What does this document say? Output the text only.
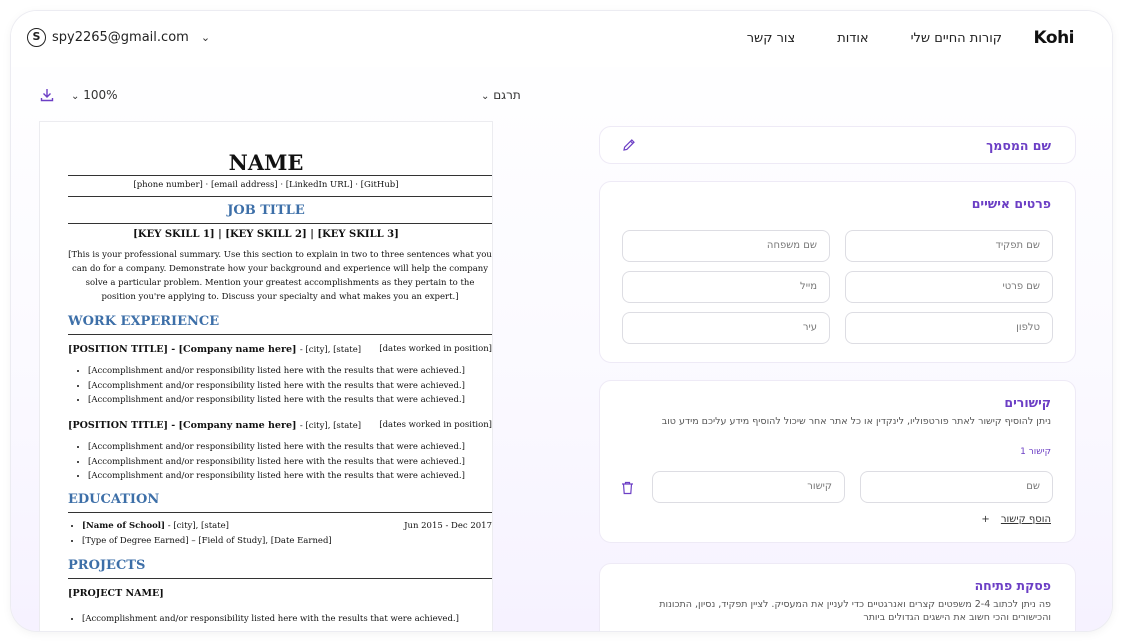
S spy2265@gmail.com ⌄	קורות החיים שלי
אודות
צור קשר	Kohi
⌄ 100%	⌄ תרגם
NAME
[phone number] · [email address] · [LinkedIn URL] · [GitHub]
JOB TITLE
[KEY SKILL 1] | [KEY SKILL 2] | [KEY SKILL 3]
[This is your professional summary. Use this section to explain in two to three sentences what you can do for a company. Demonstrate how your background and experience will help the company solve a particular problem. Mention your greatest accomplishments as they pertain to the position you're applying to. Discuss your specialty and what makes you an expert.]
WORK EXPERIENCE
[POSITION TITLE] - [Company name here] - [city], [state] [dates worked in position]
• [Accomplishment and/or responsibility listed here with the results that were achieved.]
• [Accomplishment and/or responsibility listed here with the results that were achieved.]
• [Accomplishment and/or responsibility listed here with the results that were achieved.]
[POSITION TITLE] - [Company name here] - [city], [state] [dates worked in position]
• [Accomplishment and/or responsibility listed here with the results that were achieved.]
• [Accomplishment and/or responsibility listed here with the results that were achieved.]
• [Accomplishment and/or responsibility listed here with the results that were achieved.]
EDUCATION
• [Name of School] - [city], [state]	Jun 2015 - Dec 2017
• [Type of Degree Earned] – [Field of Study], [Date Earned]
PROJECTS
[PROJECT NAME]
• [Accomplishment and/or responsibility listed here with the results that were achieved.]
שם המסמך
פרטים אישיים
שם תפקיד
שם משפחה
שם פרטי
מייל
טלפון
עיר
קישורים
ניתן להוסיף קישור לאתר פורטפוליו, לינקדין או כל אתר אחר שיכול להוסיף מידע עליכם מידע טוב
קישור 1
שם
קישור
הוסף קישור +
פסקת פתיחה
פה ניתן לכתוב 2-4 משפטים קצרים ואנרגטיים כדי לעניין את המעסיק. לציין תפקיד, נסיון, התכונות והכישורים והכי חשוב את הישגים הגדולים ביותר
